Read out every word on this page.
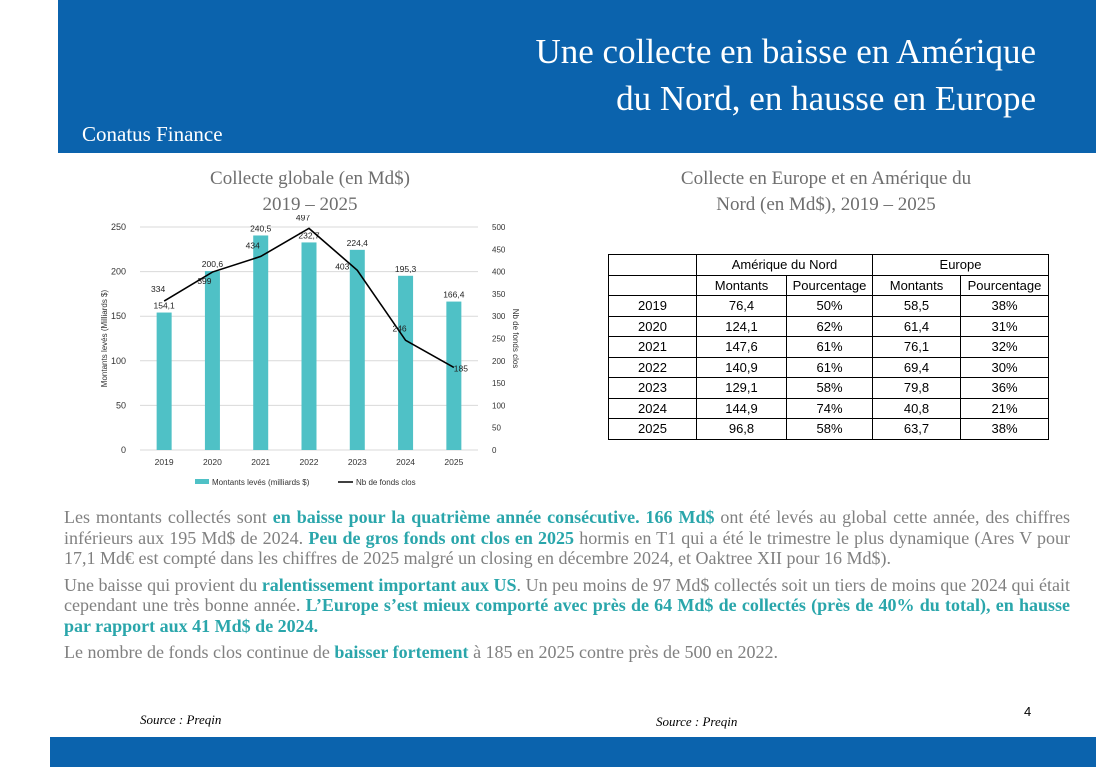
Une collecte en baisse en Amérique
du Nord, en hausse en Europe
Conatus Finance
Collecte globale (en Md$)
2019 – 2025
Collecte en Europe et en Amérique du
Nord (en Md$), 2019 – 2025
0
50
100
150
200
250
0
50
100
150
200
250
300
350
400
450
500
Montants levés (Milliards $)	Nb de fonds clos
154,1
2019
200,6
2020
240,5
2021
232,7
2022
224,4
2023
195,3
2024
166,4
2025
334
399
434
497
403
246
185
Montants levés (milliards $)	Nb de fonds clos
	Amérique du Nord		Europe	
	Montants	Pourcentage	Montants	Pourcentage
2019	76,4	50%	58,5	38%
2020	124,1	62%	61,4	31%
2021	147,6	61%	76,1	32%
2022	140,9	61%	69,4	30%
2023	129,1	58%	79,8	36%
2024	144,9	74%	40,8	21%
2025	96,8	58%	63,7	38%

Les montants collectés sont en baisse pour la quatrième année consécutive. 166 Md$ ont été levés au global cette année, des chiffres inférieurs aux 195 Md$ de 2024. Peu de gros fonds ont clos en 2025 hormis en T1 qui a été le trimestre le plus dynamique (Ares V pour 17,1 Md€ est compté dans les chiffres de 2025 malgré un closing en décembre 2024, et Oaktree XII pour 16 Md$).

Une baisse qui provient du ralentissement important aux US. Un peu moins de 97 Md$ collectés soit un tiers de moins que 2024 qui était cependant une très bonne année. L’Europe s’est mieux comporté avec près de 64 Md$ de collectés (près de 40% du total), en hausse par rapport aux 41 Md$ de 2024.

Le nombre de fonds clos continue de baisser fortement à 185 en 2025 contre près de 500 en 2022.

Source : Preqin	Source : Preqin
4
